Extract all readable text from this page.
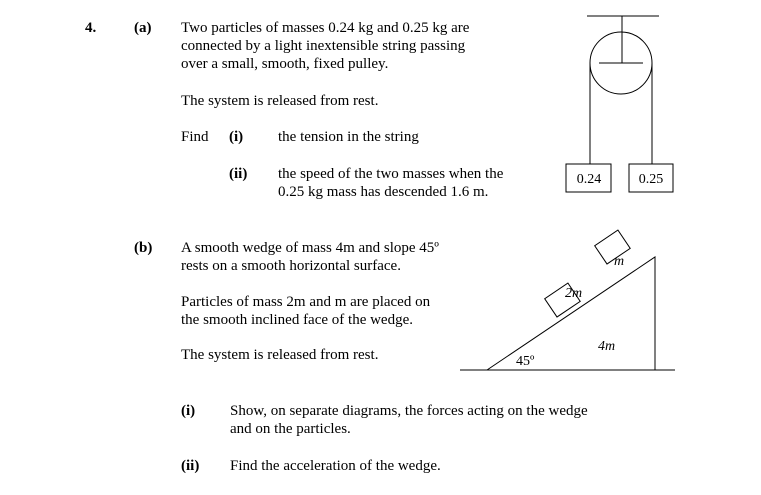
4.	(a) Two particles of masses 0.24 kg and 0.25 kg are
connected by a light inextensible string passing
over a small, smooth, fixed pulley.
The system is released from rest.
Find (i) the tension in the string
(ii) the speed of the two masses when the
0.25 kg mass has descended 1.6 m.
(b) A smooth wedge of mass 4m and slope 45º
rests on a smooth horizontal surface.
Particles of mass 2m and m are placed on
the smooth inclined face of the wedge.
The system is released from rest.
(i) Show, on separate diagrams, the forces acting on the wedge
and on the particles.
(ii) Find the acceleration of the wedge.
0.24	0.25
45º
4m
2m
m
